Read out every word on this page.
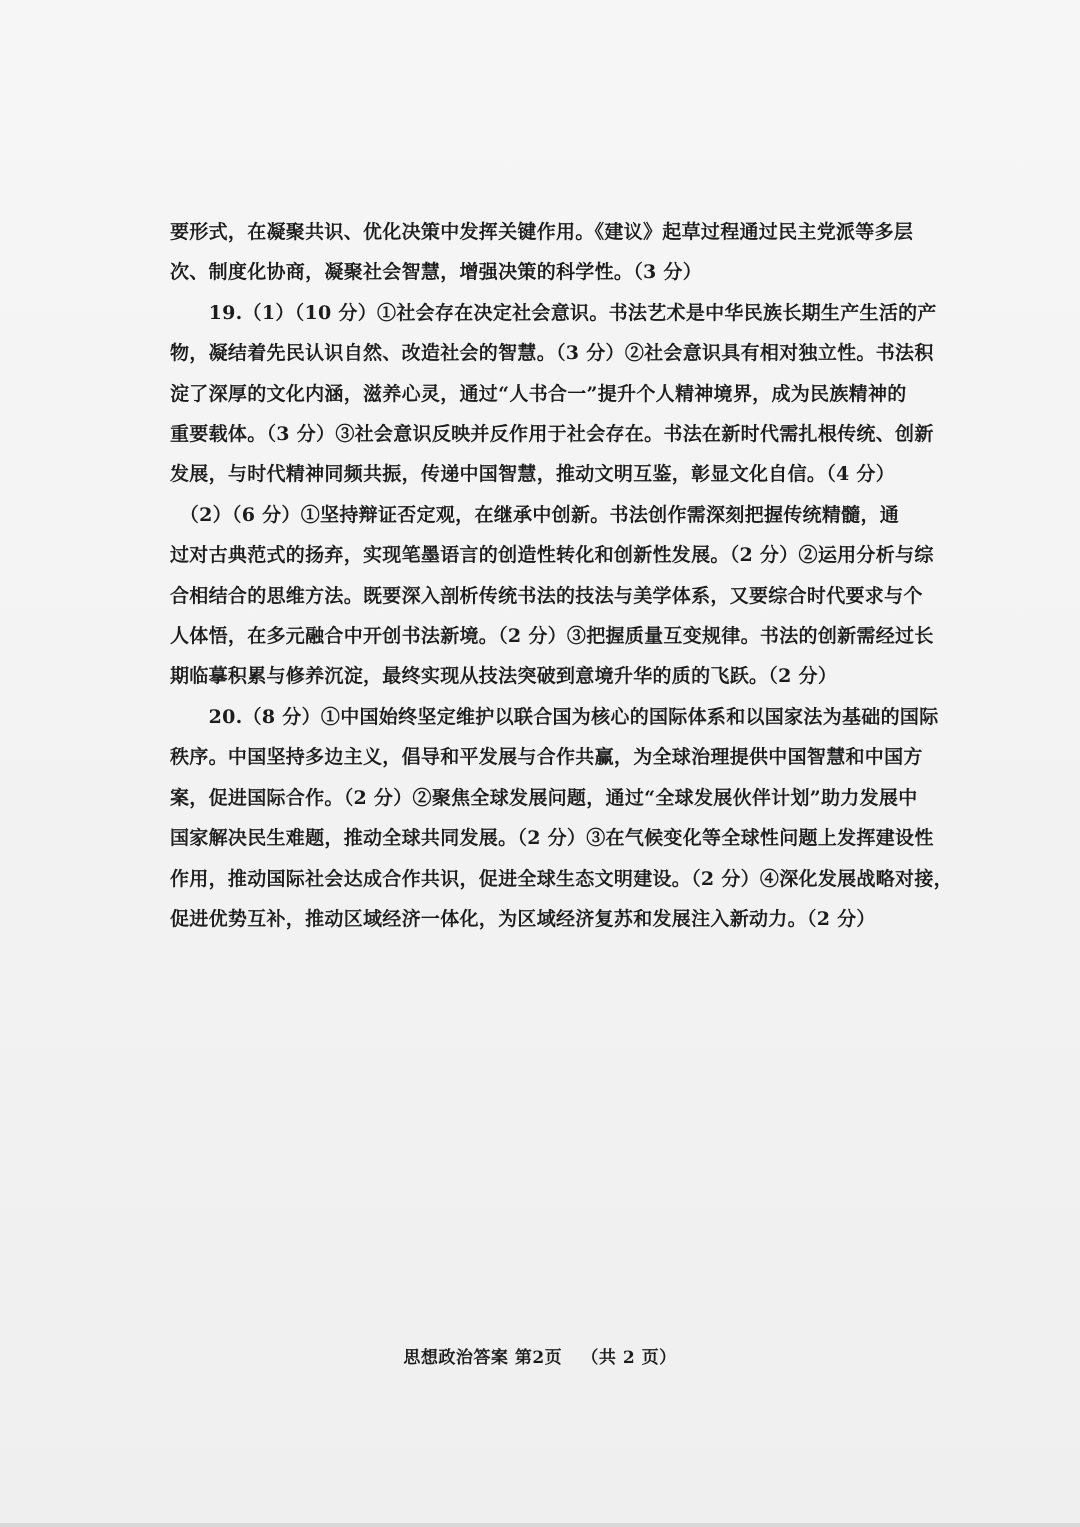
要形式，在凝聚共识、优化决策中发挥关键作用。《建议》起草过程通过民主党派等多层
次、制度化协商，凝聚社会智慧，增强决策的科学性。（3 分）
　　19.（1）（10 分）①社会存在决定社会意识。书法艺术是中华民族长期生产生活的产
物，凝结着先民认识自然、改造社会的智慧。（3 分）②社会意识具有相对独立性。书法积
淀了深厚的文化内涵，滋养心灵，通过“人书合一”提升个人精神境界，成为民族精神的
重要载体。（3 分）③社会意识反映并反作用于社会存在。书法在新时代需扎根传统、创新
发展，与时代精神同频共振，传递中国智慧，推动文明互鉴，彰显文化自信。（4 分）
　（2）（6 分）①坚持辩证否定观，在继承中创新。书法创作需深刻把握传统精髓，通
过对古典范式的扬弃，实现笔墨语言的创造性转化和创新性发展。（2 分）②运用分析与综
合相结合的思维方法。既要深入剖析传统书法的技法与美学体系，又要综合时代要求与个
人体悟，在多元融合中开创书法新境。（2 分）③把握质量互变规律。书法的创新需经过长
期临摹积累与修养沉淀，最终实现从技法突破到意境升华的质的飞跃。（2 分）
　　20.（8 分）①中国始终坚定维护以联合国为核心的国际体系和以国家法为基础的国际
秩序。中国坚持多边主义，倡导和平发展与合作共赢，为全球治理提供中国智慧和中国方
案，促进国际合作。（2 分）②聚焦全球发展问题，通过“全球发展伙伴计划”助力发展中
国家解决民生难题，推动全球共同发展。（2 分）③在气候变化等全球性问题上发挥建设性
作用，推动国际社会达成合作共识，促进全球生态文明建设。（2 分）④深化发展战略对接，
促进优势互补，推动区域经济一体化，为区域经济复苏和发展注入新动力。（2 分）
思想政治答案 第2页 （共 2 页）
